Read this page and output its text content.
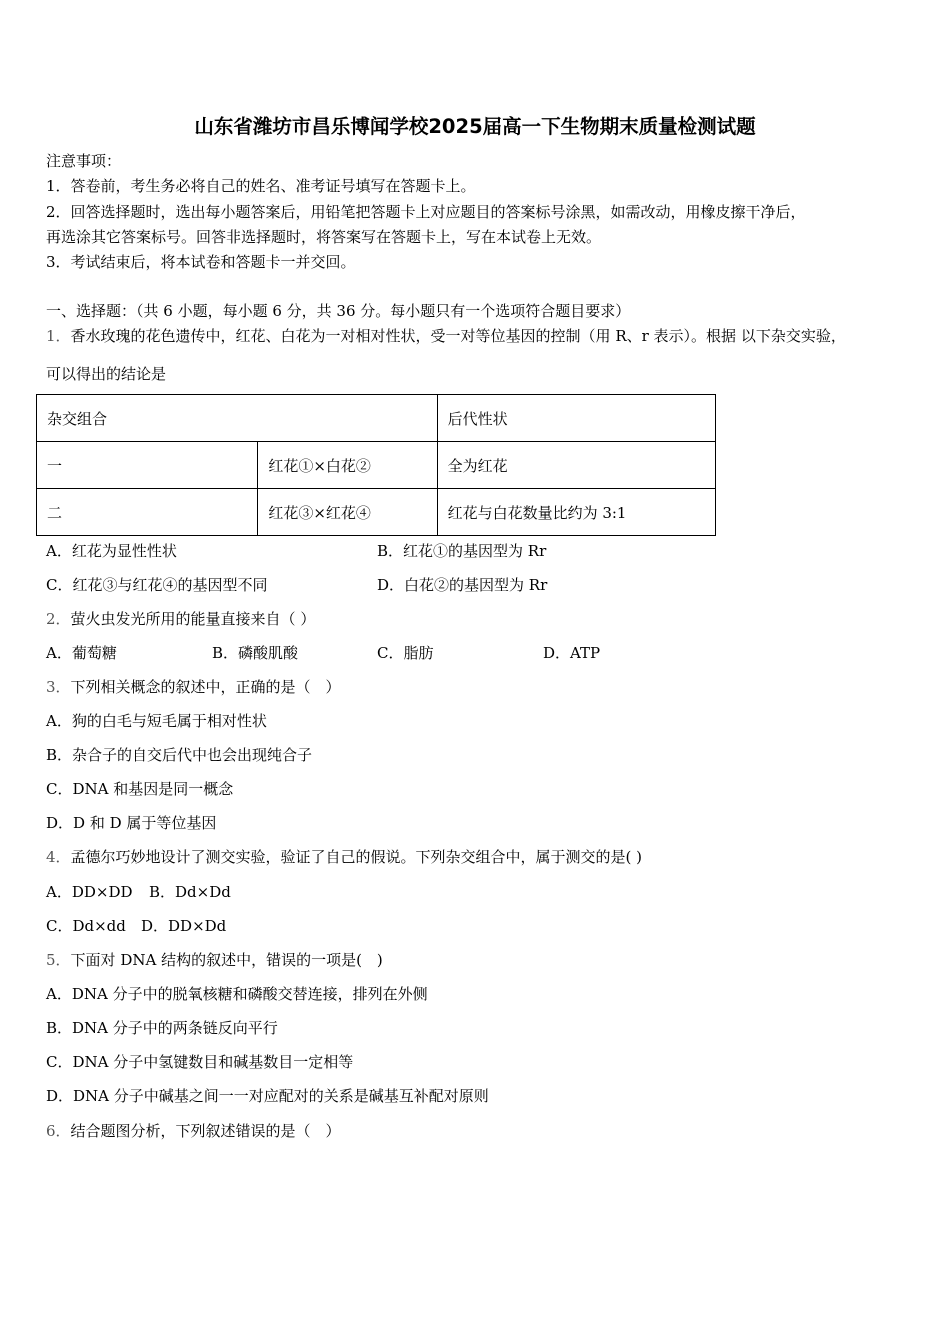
山东省潍坊市昌乐博闻学校2025届高一下生物期末质量检测试题
注意事项：
1．答卷前，考生务必将自己的姓名、准考证号填写在答题卡上。
2．回答选择题时，选出每小题答案后，用铅笔把答题卡上对应题目的答案标号涂黑，如需改动，用橡皮擦干净后，
再选涂其它答案标号。回答非选择题时，将答案写在答题卡上，写在本试卷上无效。
3．考试结束后，将本试卷和答题卡一并交回。
一、选择题：（共 6 小题，每小题 6 分，共 36 分。每小题只有一个选项符合题目要求）
1．香水玫瑰的花色遗传中，红花、白花为一对相对性状，受一对等位基因的控制（用 R、r 表示）。根据 以下杂交实验，
可以得出的结论是
杂交组合		后代性状
一	红花①×白花②	全为红花
二	红花③×红花④	红花与白花数量比约为 3:1
A．红花为显性性状	B．红花①的基因型为 Rr
C．红花③与红花④的基因型不同	D．白花②的基因型为 Rr
2．萤火虫发光所用的能量直接来自（ ）
A．葡萄糖	B．磷酸肌酸	C．脂肪	D．ATP
3．下列相关概念的叙述中，正确的是（　）
A．狗的白毛与短毛属于相对性状
B．杂合子的自交后代中也会出现纯合子
C．DNA 和基因是同一概念
D．D 和 D 属于等位基因
4．孟德尔巧妙地设计了测交实验，验证了自己的假说。下列杂交组合中，属于测交的是( )
A．DD×DD B．Dd×Dd
C．Dd×dd D．DD×Dd
5．下面对 DNA 结构的叙述中，错误的一项是(　)
A．DNA 分子中的脱氧核糖和磷酸交替连接，排列在外侧
B．DNA 分子中的两条链反向平行
C．DNA 分子中氢键数目和碱基数目一定相等
D．DNA 分子中碱基之间一一对应配对的关系是碱基互补配对原则
6．结合题图分析，下列叙述错误的是（　）
